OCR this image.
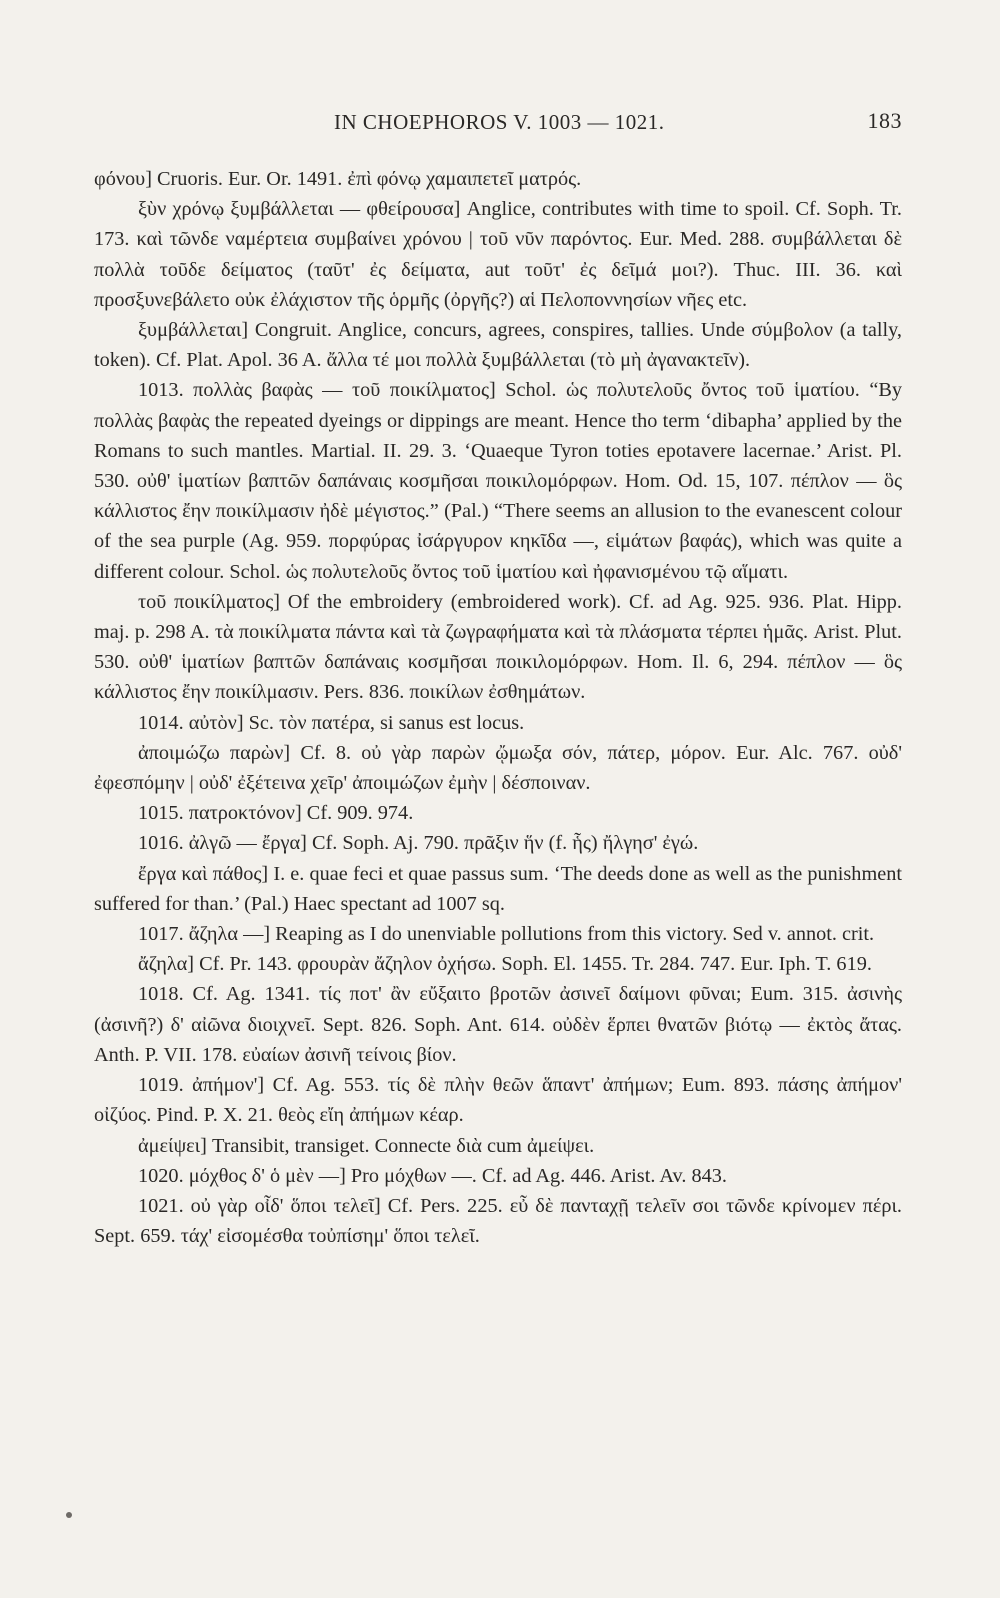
IN CHOEPHOROS V. 1003 — 1021.	183

φόνου] Cruoris. Eur. Or. 1491. ἐπὶ φόνῳ χαμαιπετεῖ ματρός.

ξὺν χρόνῳ ξυμβάλλεται — φθείρουσα] Anglice, contributes with time to spoil. Cf. Soph. Tr. 173. καὶ τῶνδε ναμέρτεια συμβαίνει χρόνου | τοῦ νῦν παρόντος. Eur. Med. 288. συμβάλλεται δὲ πολλὰ τοῦδε δείματος (ταῦτ' ἐς δείματα, aut τοῦτ' ἐς δεῖμά μοι?). Thuc. III. 36. καὶ προσξυνεβάλετο οὐκ ἐλάχιστον τῆς ὁρμῆς (ὀργῆς?) αἱ Πελοποννησίων νῆες etc.

ξυμβάλλεται] Congruit. Anglice, concurs, agrees, conspires, tallies. Unde σύμβολον (a tally, token). Cf. Plat. Apol. 36 A. ἄλλα τέ μοι πολλὰ ξυμβάλλεται (τὸ μὴ ἀγανακτεῖν).

1013. πολλὰς βαφὰς — τοῦ ποικίλματος] Schol. ὡς πολυτελοῦς ὄντος τοῦ ἱματίου. “By πολλὰς βαφὰς the repeated dyeings or dippings are meant. Hence tho term ‘dibapha’ applied by the Romans to such mantles. Martial. II. 29. 3. ‘Quaeque Tyron toties epotavere lacernae.’ Arist. Pl. 530. οὐθ' ἱματίων βαπτῶν δαπάναις κοσμῆσαι ποικιλομόρφων. Hom. Od. 15, 107. πέπλον — ὃς κάλλιστος ἔην ποικίλμασιν ἠδὲ μέγιστος.” (Pal.) “There seems an allusion to the evanescent colour of the sea purple (Ag. 959. πορφύρας ἰσάργυρον κηκῖδα —, εἱμάτων βαφάς), which was quite a different colour. Schol. ὡς πολυτελοῦς ὄντος τοῦ ἱματίου καὶ ἠφανισμένου τῷ αἵματι.

τοῦ ποικίλματος] Of the embroidery (embroidered work). Cf. ad Ag. 925. 936. Plat. Hipp. maj. p. 298 A. τὰ ποικίλματα πάντα καὶ τὰ ζωγραφήματα καὶ τὰ πλάσματα τέρπει ἡμᾶς. Arist. Plut. 530. οὐθ' ἱματίων βαπτῶν δαπάναις κοσμῆσαι ποικιλομόρφων. Hom. Il. 6, 294. πέπλον — ὃς κάλλιστος ἔην ποικίλμασιν. Pers. 836. ποικίλων ἐσθημάτων.

1014. αὐτὸν] Sc. τὸν πατέρα, si sanus est locus.

ἀποιμώζω παρὼν] Cf. 8. οὐ γὰρ παρὼν ᾤμωξα σόν, πάτερ, μόρον. Eur. Alc. 767. οὐδ' ἐφεσπόμην | οὐδ' ἐξέτεινα χεῖρ' ἀποιμώζων ἐμὴν | δέσποιναν.

1015. πατροκτόνον] Cf. 909. 974.

1016. ἀλγῶ — ἔργα] Cf. Soph. Aj. 790. πρᾶξιν ἥν (f. ἧς) ἤλγησ' ἐγώ.

ἔργα καὶ πάθος] I. e. quae feci et quae passus sum. ‘The deeds done as well as the punishment suffered for than.’ (Pal.) Haec spectant ad 1007 sq.

1017. ἄζηλα —] Reaping as I do unenviable pollutions from this victory. Sed v. annot. crit.

ἄζηλα] Cf. Pr. 143. φρουρὰν ἄζηλον ὀχήσω. Soph. El. 1455. Tr. 284. 747. Eur. Iph. T. 619.

1018. Cf. Ag. 1341. τίς ποτ' ἂν εὔξαιτο βροτῶν ἀσινεῖ δαίμονι φῦναι; Eum. 315. ἀσινὴς (ἀσινῆ?) δ' αἰῶνα διοιχνεῖ. Sept. 826. Soph. Ant. 614. οὐδὲν ἕρπει θνατῶν βιότῳ — ἐκτὸς ἄτας. Anth. P. VII. 178. εὐαίων ἀσινῆ τείνοις βίον.

1019. ἀπήμον'] Cf. Ag. 553. τίς δὲ πλὴν θεῶν ἅπαντ' ἀπήμων; Eum. 893. πάσης ἀπήμον' οἰζύος. Pind. P. X. 21. θεὸς εἴη ἀπήμων κέαρ.

ἀμείψει] Transibit, transiget. Connecte διὰ cum ἀμείψει.

1020. μόχθος δ' ὁ μὲν —] Pro μόχθων —. Cf. ad Ag. 446. Arist. Av. 843.

1021. οὐ γὰρ οἶδ' ὅποι τελεῖ] Cf. Pers. 225. εὖ δὲ πανταχῇ τελεῖν σοι τῶνδε κρίνομεν πέρι. Sept. 659. τάχ' εἰσομέσθα τοὐπίσημ' ὅποι τελεῖ.
